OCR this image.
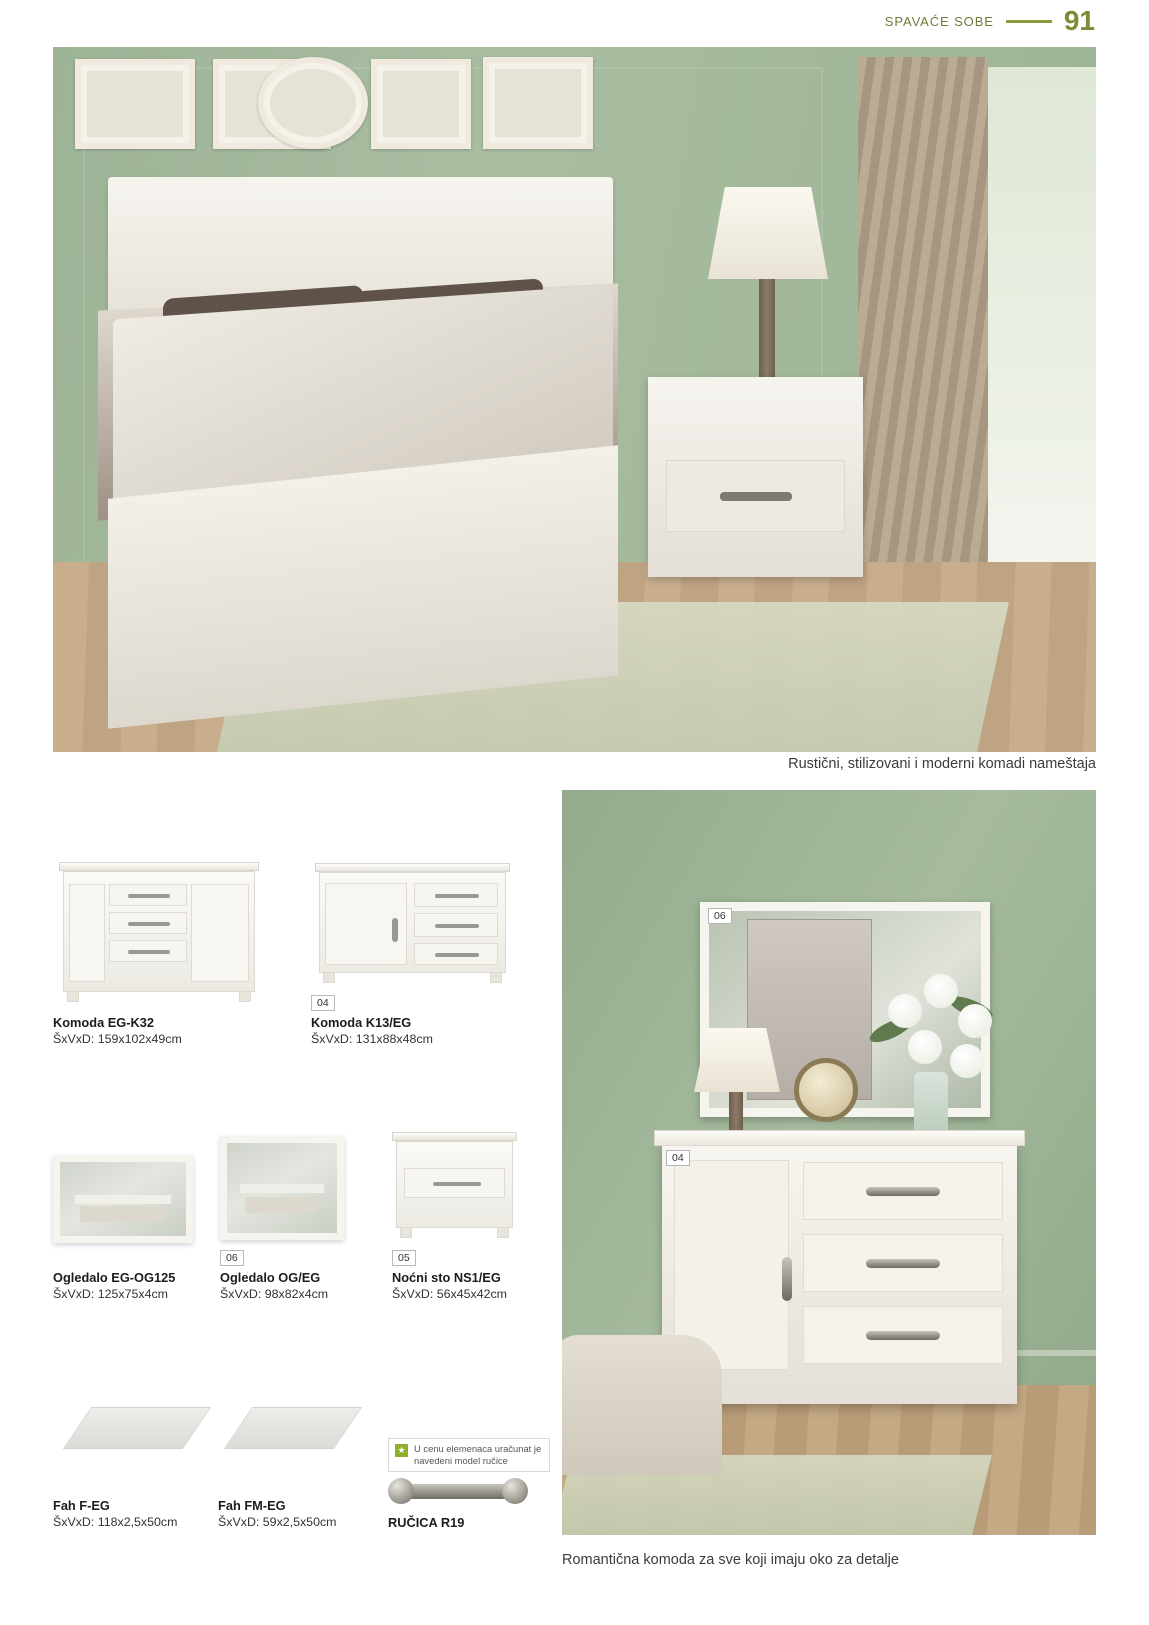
SPAVAĆE SOBE	91
Rustični, stilizovani i moderni komadi nameštaja
Komoda EG-K32
ŠxVxD: 159x102x49cm
04
Komoda K13/EG
ŠxVxD: 131x88x48cm
Ogledalo EG-OG125
ŠxVxD: 125x75x4cm
06
Ogledalo OG/EG
ŠxVxD: 98x82x4cm
05
Noćni sto NS1/EG
ŠxVxD: 56x45x42cm
Fah F-EG
ŠxVxD: 118x2,5x50cm
Fah FM-EG
ŠxVxD: 59x2,5x50cm
★ U cenu elemenaca uračunat je navedeni model ručice
RUČICA R19
06
04
Romantična komoda za sve koji imaju oko za detalje
